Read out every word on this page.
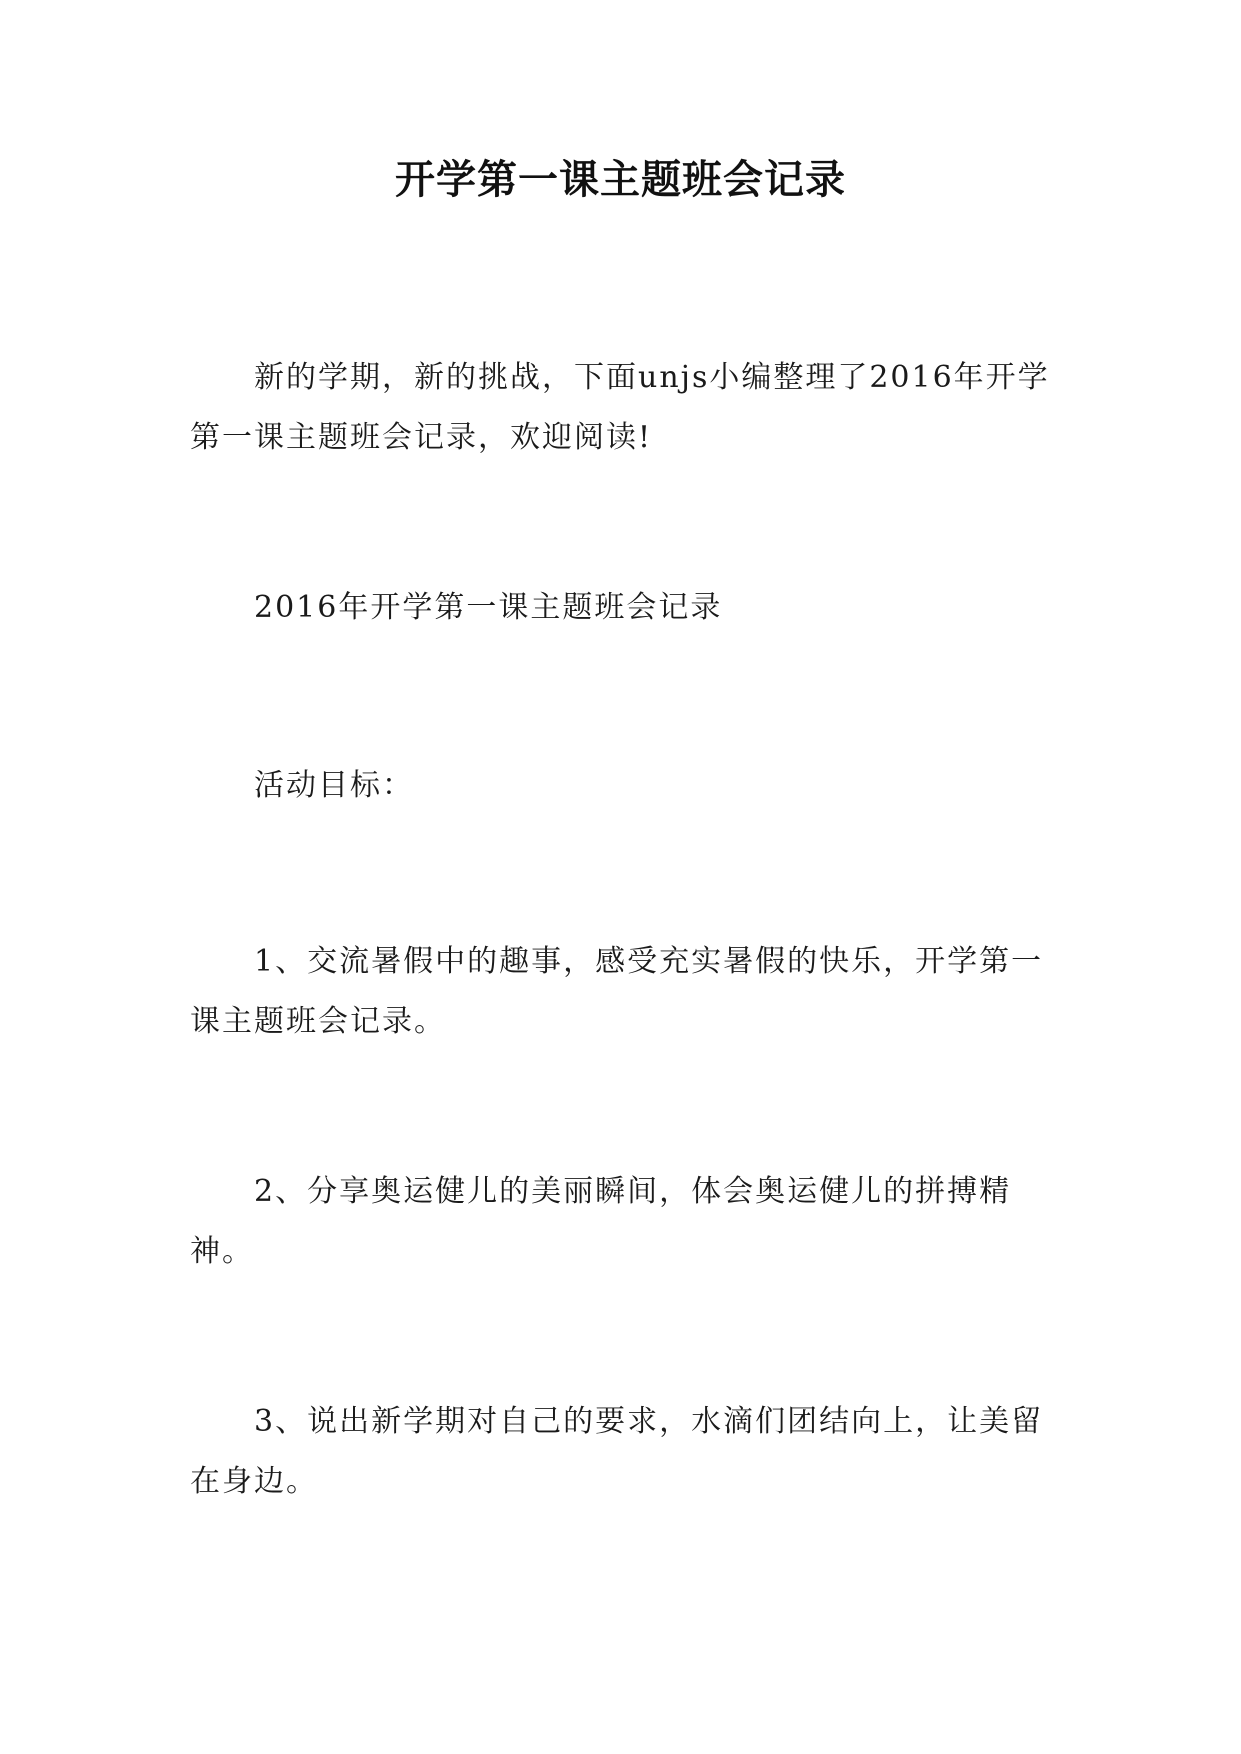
开学第一课主题班会记录

新的学期，新的挑战，下面unjs小编整理了2016年开学第一课主题班会记录，欢迎阅读!

2016年开学第一课主题班会记录

活动目标：

1、交流暑假中的趣事，感受充实暑假的快乐，开学第一课主题班会记录。

2、分享奥运健儿的美丽瞬间，体会奥运健儿的拼搏精神。

3、说出新学期对自己的要求，水滴们团结向上，让美留在身边。
